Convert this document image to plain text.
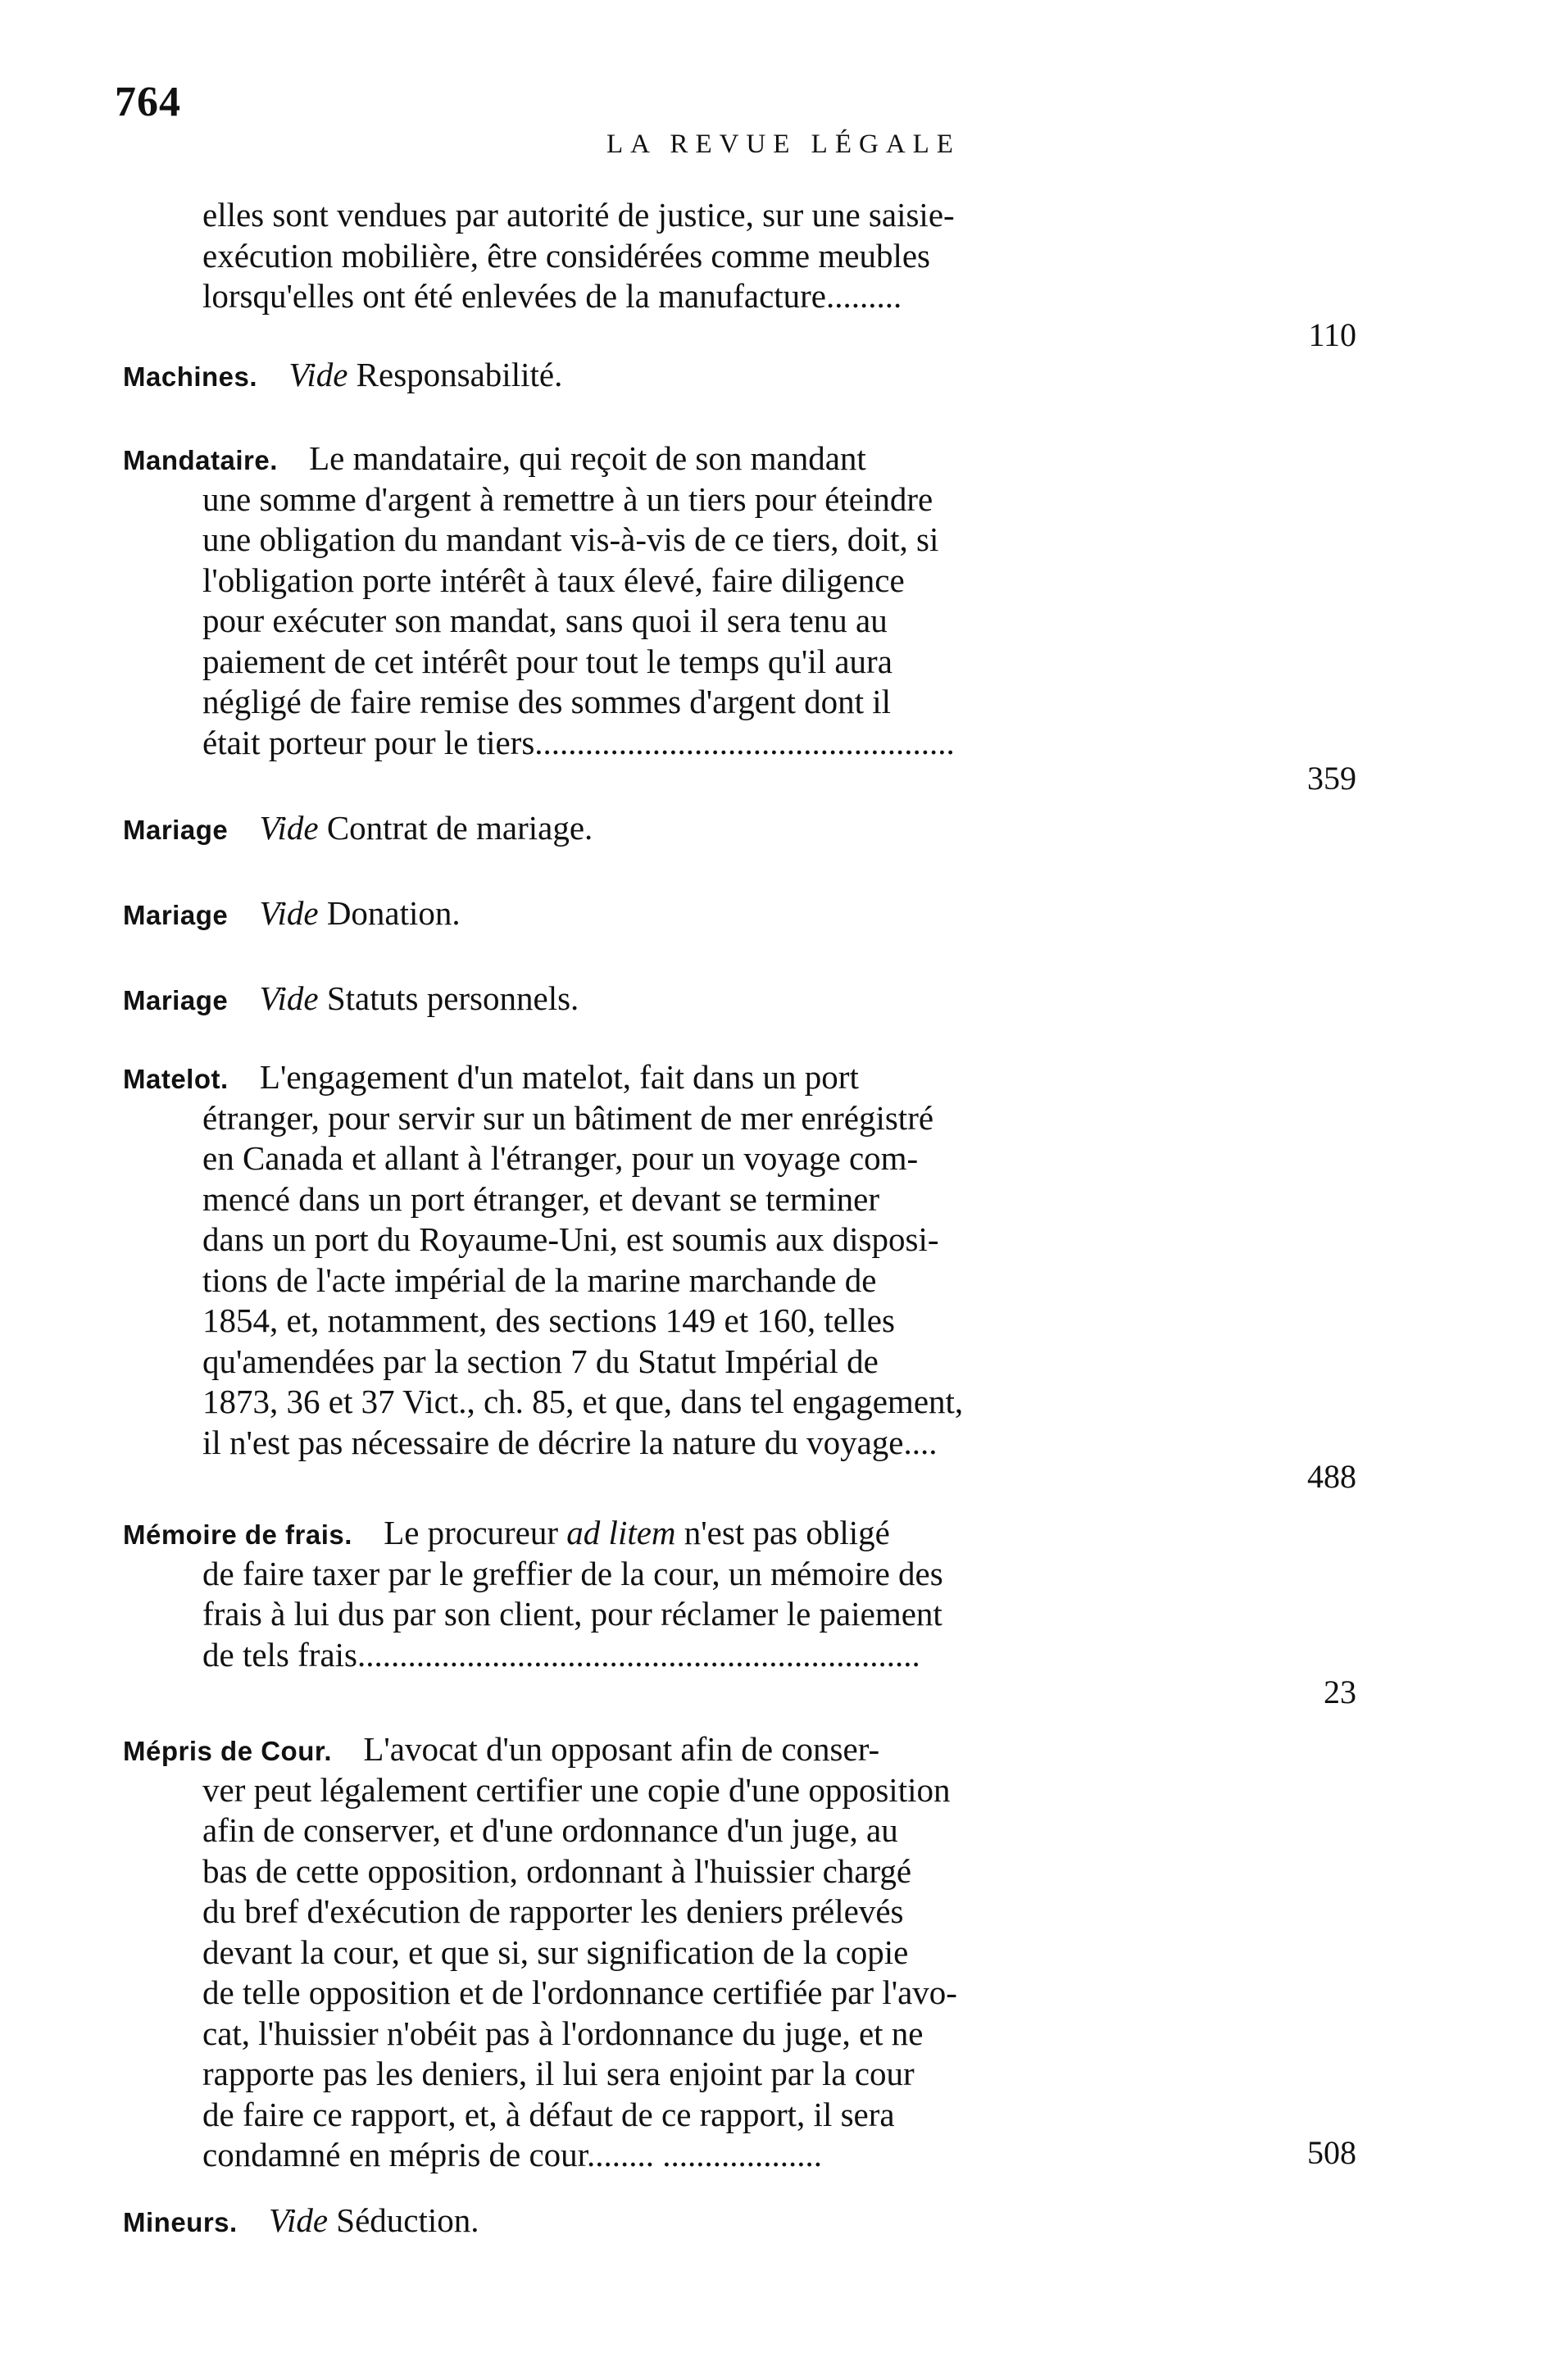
764
LA REVUE LÉGALE
elles sont vendues par autorité de justice, sur une saisie-
exécution mobilière, être considérées comme meubles
lorsqu'elles ont été enlevées de la manufacture.........
110
Machines. Vide Responsabilité.
Mandataire. Le mandataire, qui reçoit de son mandant
une somme d'argent à remettre à un tiers pour éteindre
une obligation du mandant vis-à-vis de ce tiers, doit, si
l'obligation porte intérêt à taux élevé, faire diligence
pour exécuter son mandat, sans quoi il sera tenu au
paiement de cet intérêt pour tout le temps qu'il aura
négligé de faire remise des sommes d'argent dont il
était porteur pour le tiers..................................................
359
Mariage Vide Contrat de mariage.
Mariage Vide Donation.
Mariage Vide Statuts personnels.
Matelot. L'engagement d'un matelot, fait dans un port
étranger, pour servir sur un bâtiment de mer enrégistré
en Canada et allant à l'étranger, pour un voyage com-
mencé dans un port étranger, et devant se terminer
dans un port du Royaume-Uni, est soumis aux disposi-
tions de l'acte impérial de la marine marchande de
1854, et, notamment, des sections 149 et 160, telles
qu'amendées par la section 7 du Statut Impérial de
1873, 36 et 37 Vict., ch. 85, et que, dans tel engagement,
il n'est pas nécessaire de décrire la nature du voyage....
488
Mémoire de frais. Le procureur ad litem n'est pas obligé
de faire taxer par le greffier de la cour, un mémoire des
frais à lui dus par son client, pour réclamer le paiement
de tels frais...................................................................
23
Mépris de Cour. L'avocat d'un opposant afin de conser-
ver peut légalement certifier une copie d'une opposition
afin de conserver, et d'une ordonnance d'un juge, au
bas de cette opposition, ordonnant à l'huissier chargé
du bref d'exécution de rapporter les deniers prélevés
devant la cour, et que si, sur signification de la copie
de telle opposition et de l'ordonnance certifiée par l'avo-
cat, l'huissier n'obéit pas à l'ordonnance du juge, et ne
rapporte pas les deniers, il lui sera enjoint par la cour
de faire ce rapport, et, à défaut de ce rapport, il sera
condamné en mépris de cour........ ...................	508
Mineurs. Vide Séduction.
